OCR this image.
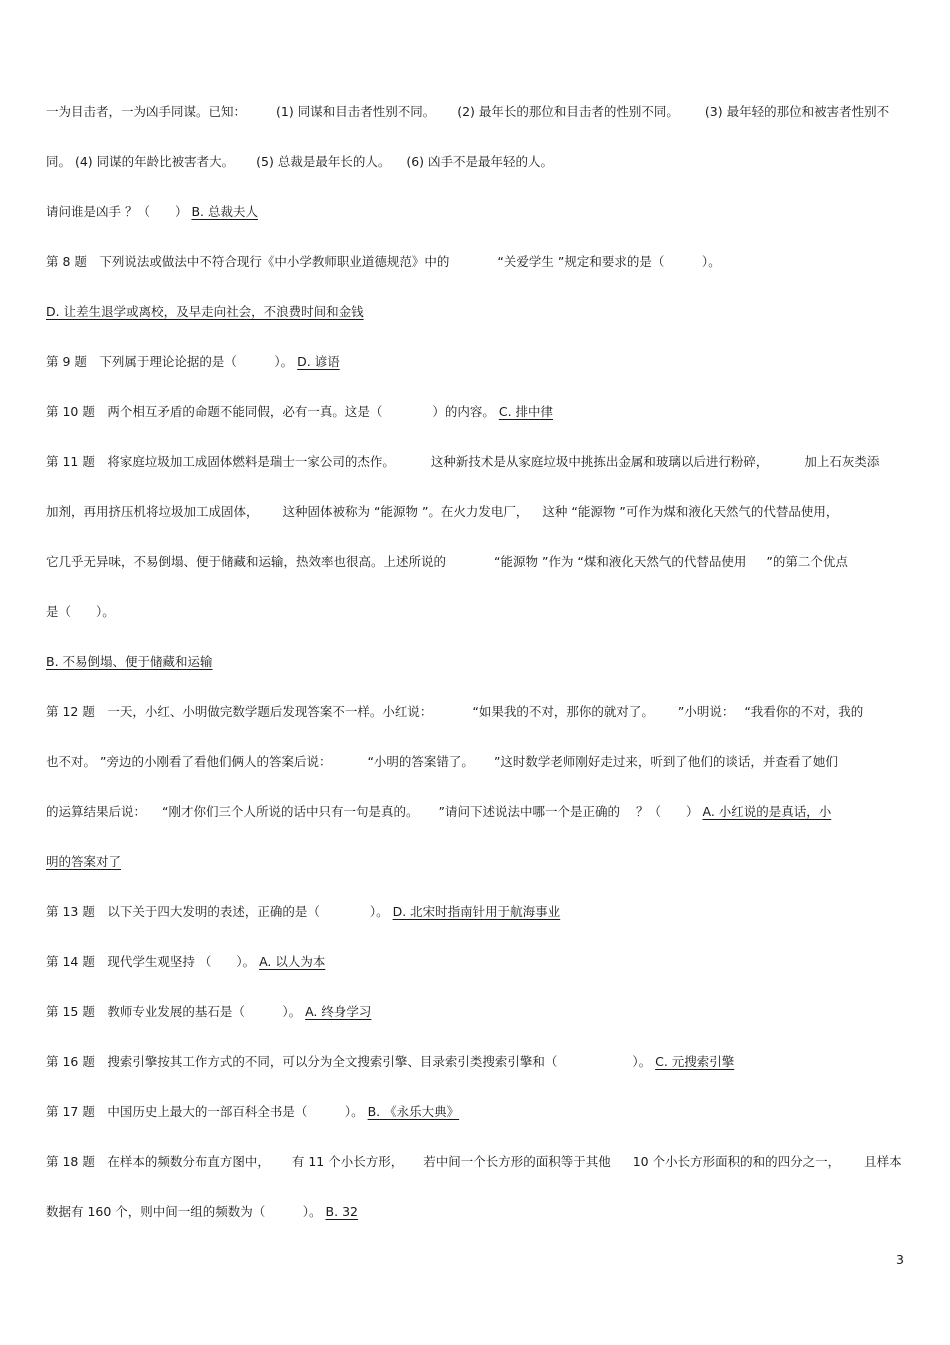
一为目击者，一为凶手同谋。已知： (1) 同谋和目击者性别不同。 (2) 最年长的那位和目击者的性别不同。 (3) 最年轻的那位和被害者性别不
同。 (4) 同谋的年龄比被害者大。 (5) 总裁是最年长的人。 (6) 凶手不是最年轻的人。
请问谁是凶手 ？（　　） B. 总裁夫人
第 8 题　下列说法或做法中不符合现行《中小学教师职业道德规范》中的	“关爱学生 ”规定和要求的是（　　　）。
D. 让差生退学或离校，及早走向社会，不浪费时间和金钱
第 9 题　下列属于理论论据的是（　　　）。 D. 谚语
第 10 题　两个相互矛盾的命题不能同假，必有一真。这是（　　　　）的内容。 C. 排中律
第 11 题　将家庭垃圾加工成固体燃料是瑞士一家公司的杰作。	这种新技术是从家庭垃圾中挑拣出金属和玻璃以后进行粉碎，	加上石灰类添
加剂，再用挤压机将垃圾加工成固体， 这种固体被称为 “能源物 ”。在火力发电厂， 这种 “能源物 ”可作为煤和液化天然气的代替品使用，
它几乎无异味，不易倒塌、便于储藏和运输，热效率也很高。上述所说的	“能源物 ”作为 “煤和液化天然气的代替品使用 ”的第二个优点
是（　　）。
B. 不易倒塌、便于储藏和运输
第 12 题　一天，小红、小明做完数学题后发现答案不一样。小红说：	“如果我的不对，那你的就对了。 ”小明说： “我看你的不对，我的
也不对。 ”旁边的小刚看了看他们俩人的答案后说：	“小明的答案错了。 ”这时数学老师刚好走过来，听到了他们的谈话，并查看了她们
的运算结果后说： “刚才你们三个人所说的话中只有一句是真的。 ”请问下述说法中哪一个是正确的 ？（　　） A. 小红说的是真话，小
明的答案对了
第 13 题　以下关于四大发明的表述，正确的是（　　　　）。 D. 北宋时指南针用于航海事业
第 14 题　现代学生观坚持 （　　）。 A. 以人为本
第 15 题　教师专业发展的基石是（　　　）。 A. 终身学习
第 16 题　搜索引擎按其工作方式的不同，可以分为全文搜索引擎、目录索引类搜索引擎和（　　　　　　）。 C. 元搜索引擎
第 17 题　中国历史上最大的一部百科全书是（　　　）。 B. 《永乐大典》
第 18 题　在样本的频数分布直方图中， 有 11 个小长方形， 若中间一个长方形的面积等于其他 10 个小长方形面积的和的四分之一， 且样本
数据有 160 个，则中间一组的频数为（　　　）。 B. 32
3
